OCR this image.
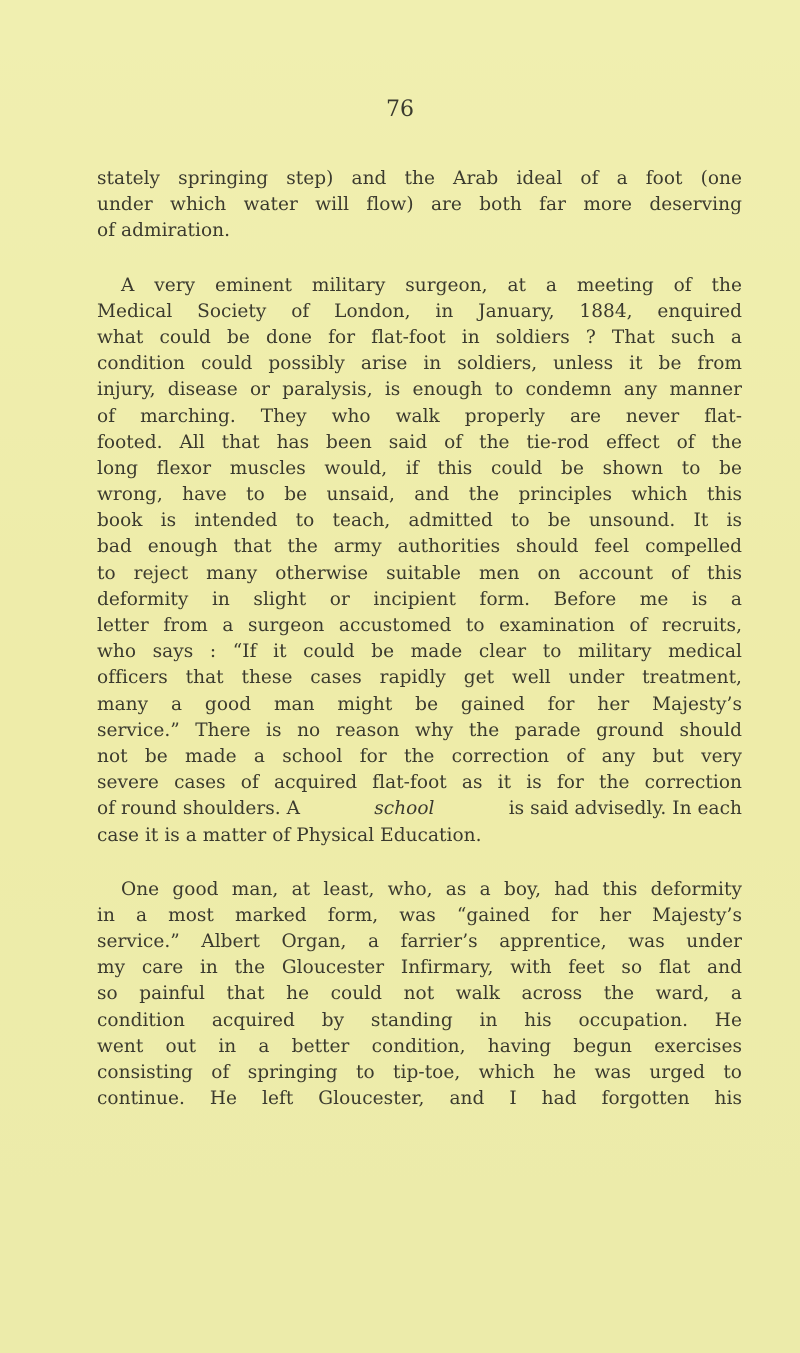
76
stately springing step) and the Arab ideal of a foot (one
under which water will flow) are both far more deserving
of admiration.
A very eminent military surgeon, at a meeting of the
Medical Society of London, in January, 1884, enquired
what could be done for flat-foot in soldiers ? That such a
condition could possibly arise in soldiers, unless it be from
injury, disease or paralysis, is enough to condemn any manner
of marching. They who walk properly are never flat-
footed. All that has been said of the tie-rod effect of the
long flexor muscles would, if this could be shown to be
wrong, have to be unsaid, and the principles which this
book is intended to teach, admitted to be unsound. It is
bad enough that the army authorities should feel compelled
to reject many otherwise suitable men on account of this
deformity in slight or incipient form. Before me is a
letter from a surgeon accustomed to examination of recruits,
who says : “If it could be made clear to military medical
officers that these cases rapidly get well under treatment,
many a good man might be gained for her Majesty’s
service.” There is no reason why the parade ground should
not be made a school for the correction of any but very
severe cases of acquired flat-foot as it is for the correction
of round shoulders. A	school	is said advisedly. In each
case it is a matter of Physical Education.
One good man, at least, who, as a boy, had this deformity
in a most marked form, was “gained for her Majesty’s
service.” Albert Organ, a farrier’s apprentice, was under
my care in the Gloucester Infirmary, with feet so flat and
so painful that he could not walk across the ward, a
condition acquired by standing in his occupation. He
went out in a better condition, having begun exercises
consisting of springing to tip-toe, which he was urged to
continue. He left Gloucester, and I had forgotten his
